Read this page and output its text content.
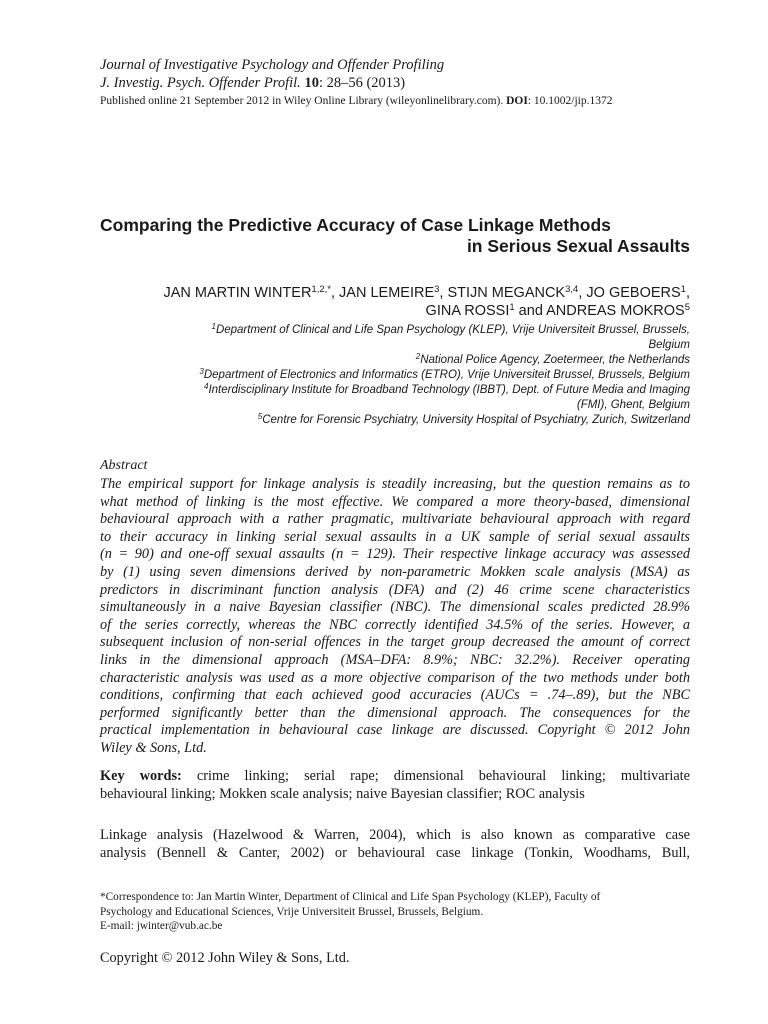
Journal of Investigative Psychology and Offender Profiling
J. Investig. Psych. Offender Profil. 10: 28–56 (2013)
Published online 21 September 2012 in Wiley Online Library (wileyonlinelibrary.com). DOI: 10.1002/jip.1372
Comparing the Predictive Accuracy of Case Linkage Methods
in Serious Sexual Assaults
JAN MARTIN $WINTER^{1,2,*}$, JAN LEMEIRE$^3$, STIJN MEGANCK$^{3,4}$, JO GEBOERS$^1$,
GINA ROSSI$^1$ and ANDREAS MOKROS$^5$
$^1$Department of Clinical and Life Span Psychology (KLEP), Vrije Universiteit Brussel, Brussels,
Belgium
$^2$National Police Agency, Zoetermeer, the Netherlands
$^3$Department of Electronics and Informatics (ETRO), Vrije Universiteit Brussel, Brussels, Belgium
$^4$Interdisciplinary Institute for Broadband Technology (IBBT), Dept. of Future Media and Imaging
(FMI), Ghent, Belgium
$^5$Centre for Forensic Psychiatry, University Hospital of Psychiatry, Zurich, Switzerland
Abstract
The empirical support for linkage analysis is steadily increasing, but the question remains as to
what method of linking is the most effective. We compared a more theory-based, dimensional
behavioural approach with a rather pragmatic, multivariate behavioural approach with regard
to their accuracy in linking serial sexual assaults in a UK sample of serial sexual assaults
(n = 90) and one-off sexual assaults (n = 129). Their respective linkage accuracy was assessed
by (1) using seven dimensions derived by non-parametric Mokken scale analysis (MSA) as
predictors in discriminant function analysis (DFA) and (2) 46 crime scene characteristics
simultaneously in a naive Bayesian classifier (NBC). The dimensional scales predicted 28.9%
of the series correctly, whereas the NBC correctly identified 34.5% of the series. However, a
subsequent inclusion of non-serial offences in the target group decreased the amount of correct
links in the dimensional approach (MSA–DFA: 8.9%; NBC: 32.2%). Receiver operating
characteristic analysis was used as a more objective comparison of the two methods under both
conditions, confirming that each achieved good accuracies (AUCs = .74–.89), but the NBC
performed significantly better than the dimensional approach. The consequences for the
practical implementation in behavioural case linkage are discussed. Copyright © 2012 John
Wiley & Sons, Ltd.
Key words: crime linking; serial rape; dimensional behavioural linking; multivariate
behavioural linking; Mokken scale analysis; naive Bayesian classifier; ROC analysis
Linkage analysis (Hazelwood & Warren, 2004), which is also known as comparative case
analysis (Bennell & Canter, 2002) or behavioural case linkage (Tonkin, Woodhams, Bull,
*Correspondence to: Jan Martin Winter, Department of Clinical and Life Span Psychology (KLEP), Faculty of
Psychology and Educational Sciences, Vrije Universiteit Brussel, Brussels, Belgium.
E-mail: jwinter@vub.ac.be
Copyright © 2012 John Wiley & Sons, Ltd.
